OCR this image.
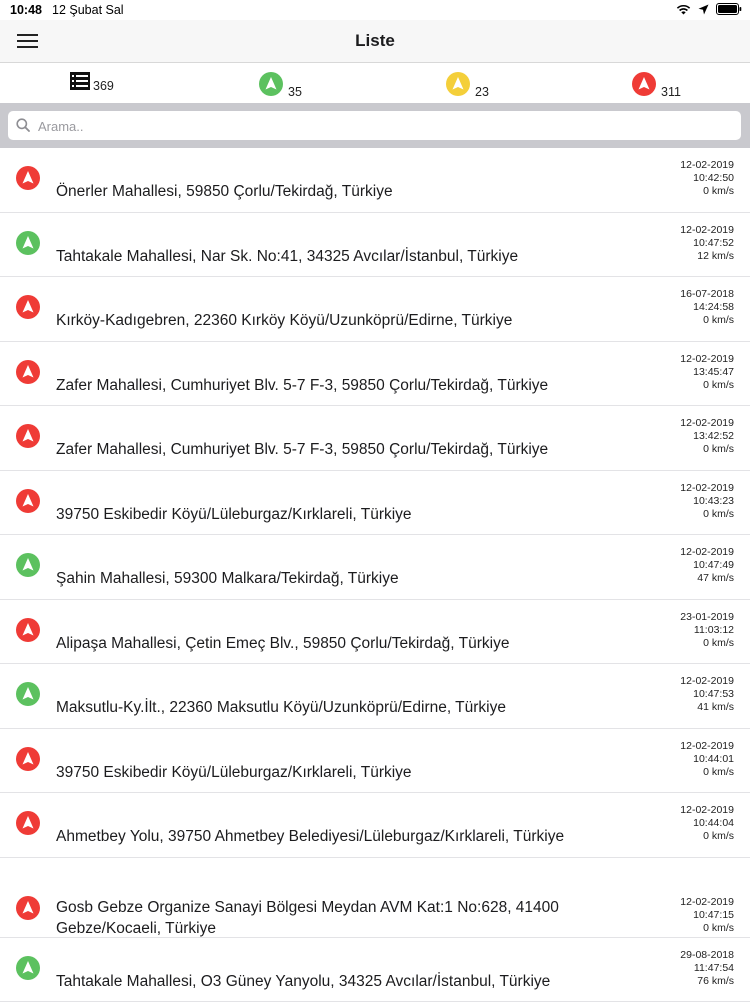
10:48 12 Şubat Sal
Liste
369	35	23	311
Arama..
Önerler Mahallesi, 59850 Çorlu/Tekirdağ, Türkiye
12-02-2019
10:42:50
0 km/s
Tahtakale Mahallesi, Nar Sk. No:41, 34325 Avcılar/İstanbul, Türkiye
12-02-2019
10:47:52
12 km/s
Kırköy-Kadıgebren, 22360 Kırköy Köyü/Uzunköprü/Edirne, Türkiye
16-07-2018
14:24:58
0 km/s
Zafer Mahallesi, Cumhuriyet Blv. 5-7 F-3, 59850 Çorlu/Tekirdağ, Türkiye
12-02-2019
13:45:47
0 km/s
Zafer Mahallesi, Cumhuriyet Blv. 5-7 F-3, 59850 Çorlu/Tekirdağ, Türkiye
12-02-2019
13:42:52
0 km/s
39750 Eskibedir Köyü/Lüleburgaz/Kırklareli, Türkiye
12-02-2019
10:43:23
0 km/s
Şahin Mahallesi, 59300 Malkara/Tekirdağ, Türkiye
12-02-2019
10:47:49
47 km/s
Alipaşa Mahallesi, Çetin Emeç Blv., 59850 Çorlu/Tekirdağ, Türkiye
23-01-2019
11:03:12
0 km/s
Maksutlu-Ky.İlt., 22360 Maksutlu Köyü/Uzunköprü/Edirne, Türkiye
12-02-2019
10:47:53
41 km/s
39750 Eskibedir Köyü/Lüleburgaz/Kırklareli, Türkiye
12-02-2019
10:44:01
0 km/s
Ahmetbey Yolu, 39750 Ahmetbey Belediyesi/Lüleburgaz/Kırklareli, Türkiye
12-02-2019
10:44:04
0 km/s
Gosb Gebze Organize Sanayi Bölgesi Meydan AVM Kat:1 No:628, 41400 Gebze/Kocaeli, Türkiye
12-02-2019
10:47:15
0 km/s
Tahtakale Mahallesi, O3 Güney Yanyolu, 34325 Avcılar/İstanbul, Türkiye
29-08-2018
11:47:54
76 km/s
